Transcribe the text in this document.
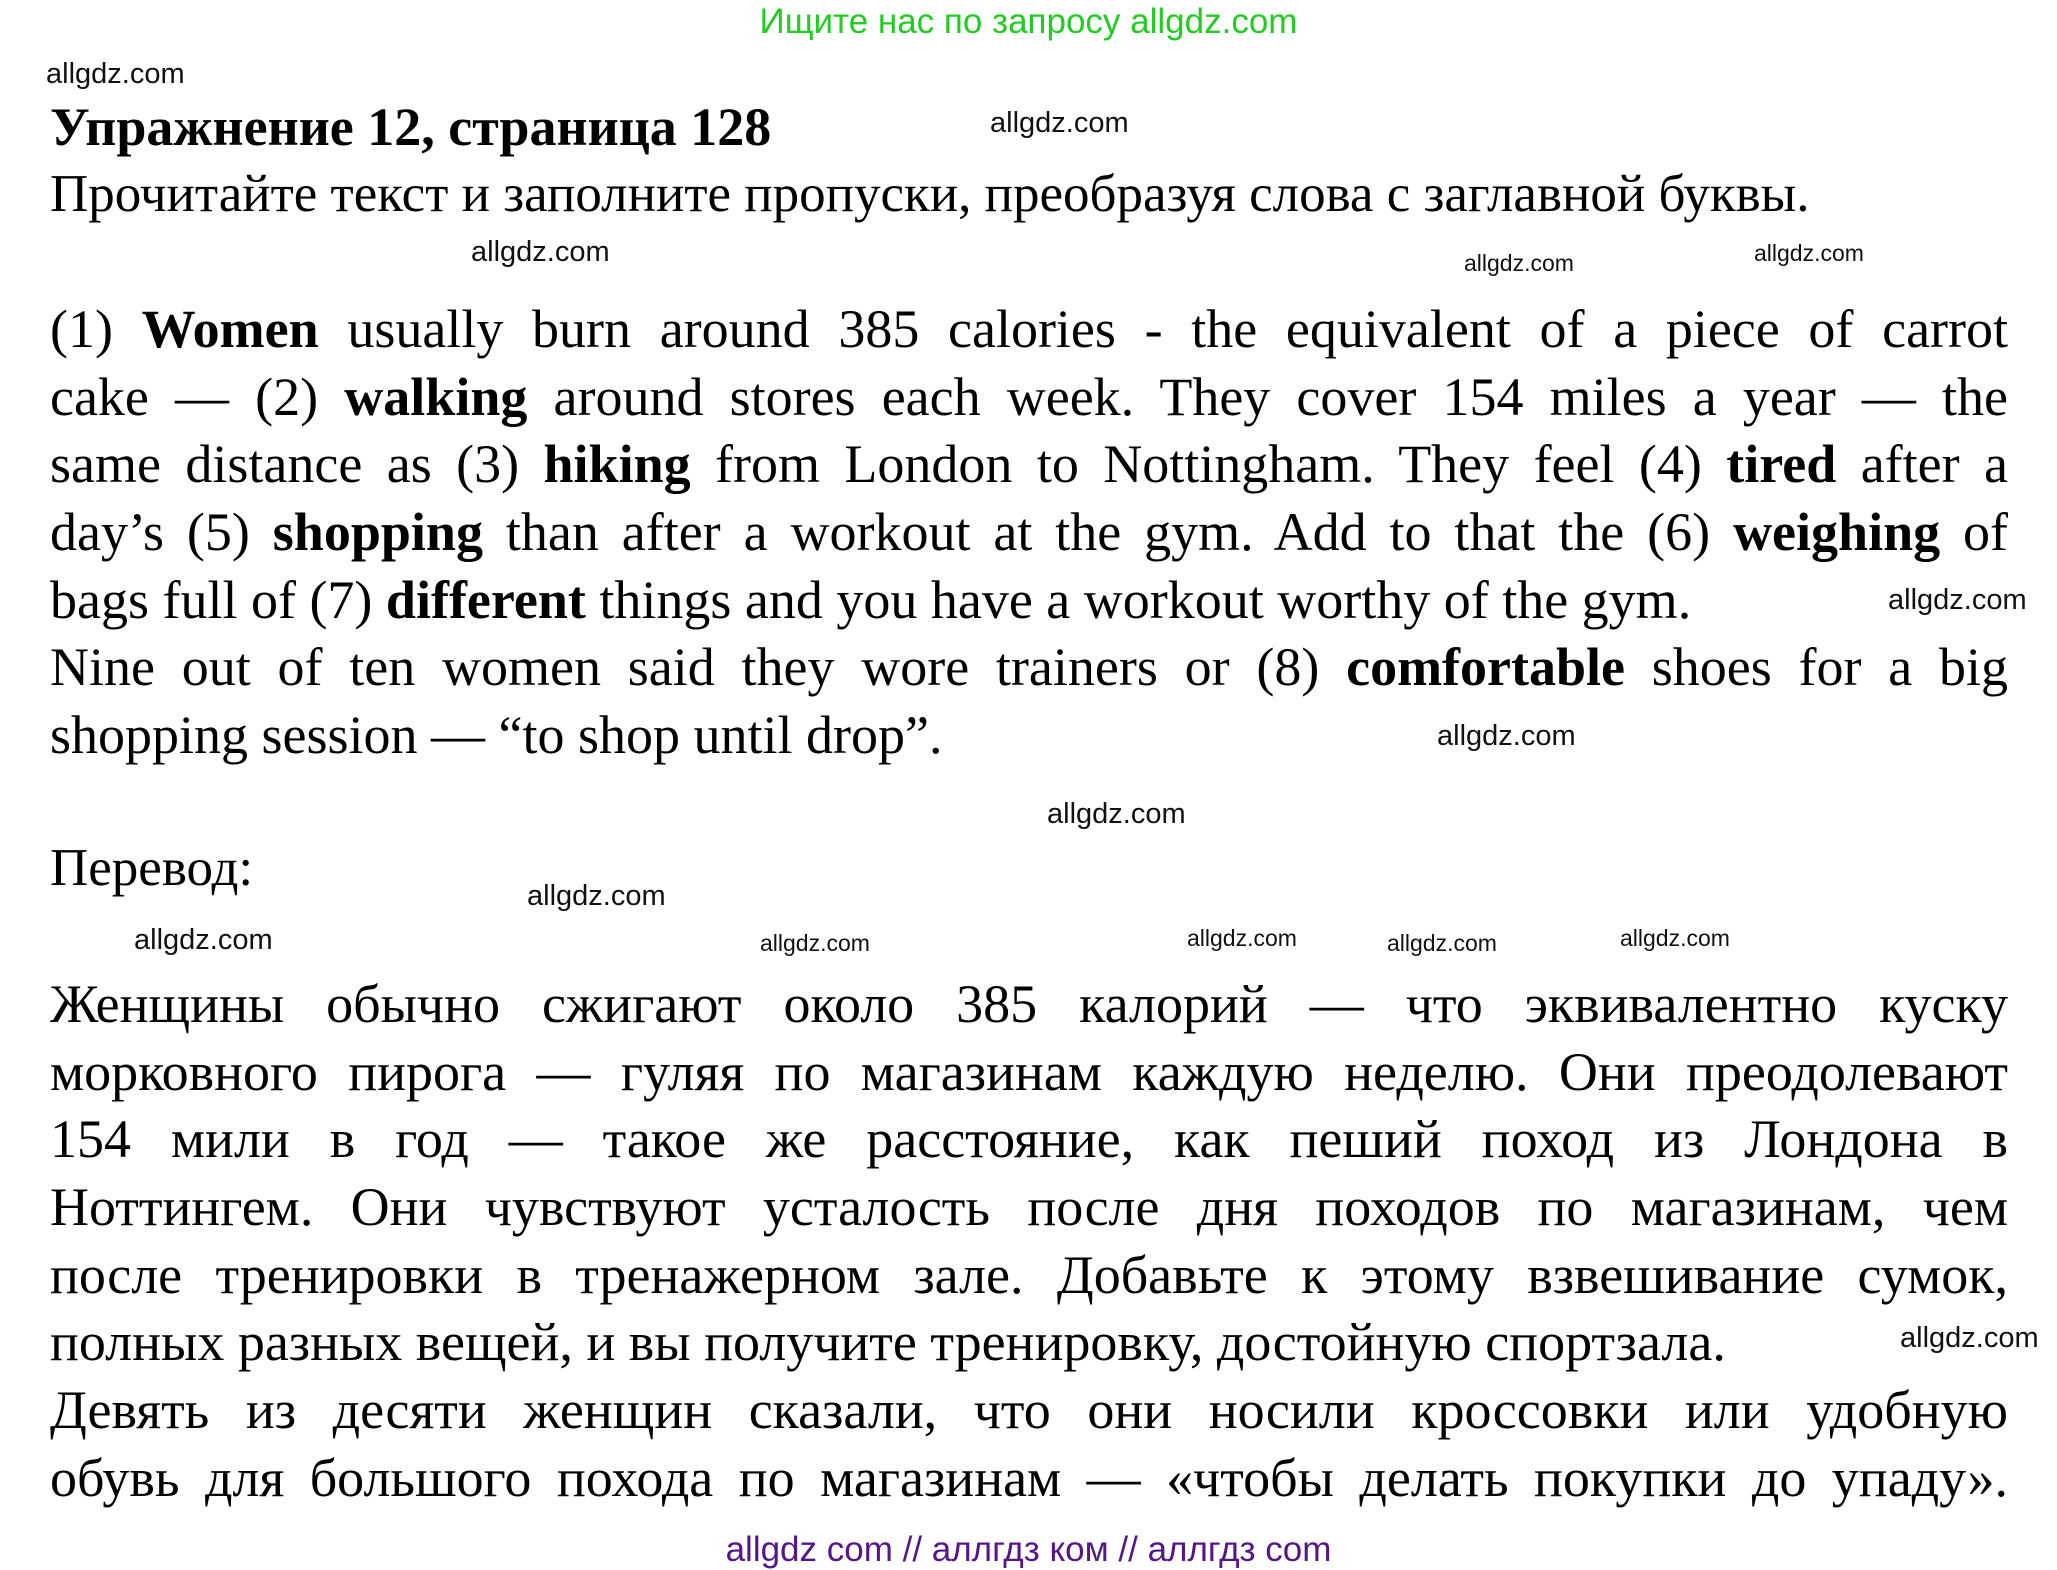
Ищите нас по запросу allgdz.com
Упражнение 12, страница 128
Прочитайте текст и заполните пропуски, преобразуя слова с заглавной буквы.
(1) Women usually burn around 385 calories - the equivalent of a piece of carrot
cake — (2) walking around stores each week. They cover 154 miles a year — the
same distance as (3) hiking from London to Nottingham. They feel (4) tired after a
day’s (5) shopping than after a workout at the gym. Add to that the (6) weighing of
bags full of (7) different things and you have a workout worthy of the gym.
Nine out of ten women said they wore trainers or (8) comfortable shoes for a big
shopping session — “to shop until drop”.
Перевод:
Женщины обычно сжигают около 385 калорий — что эквивалентно куску
морковного пирога — гуляя по магазинам каждую неделю. Они преодолевают
154 мили в год — такое же расстояние, как пеший поход из Лондона в
Ноттингем. Они чувствуют усталость после дня походов по магазинам, чем
после тренировки в тренажерном зале. Добавьте к этому взвешивание сумок,
полных разных вещей, и вы получите тренировку, достойную спортзала.
Девять из десяти женщин сказали, что они носили кроссовки или удобную
обувь для большого похода по магазинам — «чтобы делать покупки до упаду».
allgdz.com
allgdz.com
allgdz.com	allgdz.com	allgdz.com
allgdz.com
allgdz.com
allgdz.com
allgdz.com
allgdz.com	allgdz.com
allgdz.com
allgdz.com
allgdz.com	allgdz.com
allgdz com // аллгдз ком // аллгдз com
